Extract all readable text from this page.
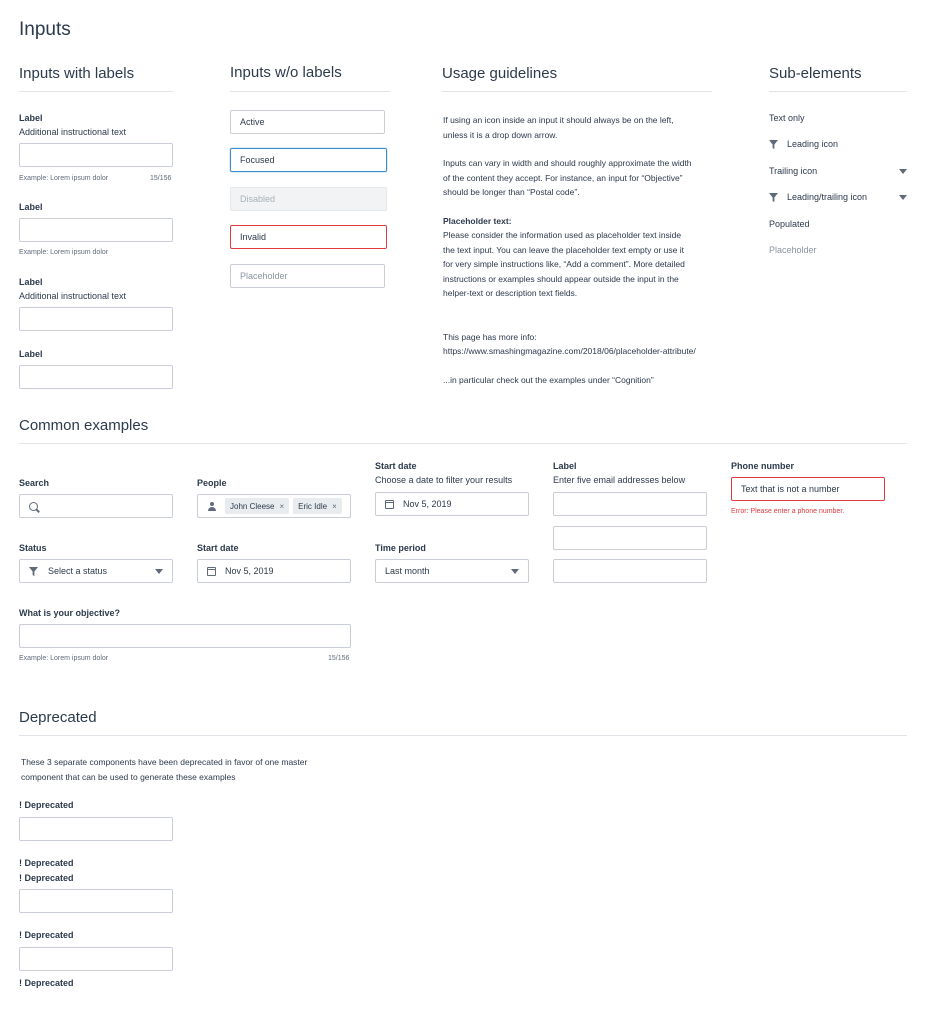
Inputs
Inputs with labels	Inputs w/o labels	Usage guidelines	Sub-elements
Label
Additional instructional text
Example: Lorem ipsum dolor	15/156
Label
Example: Lorem ipsum dolor
Label
Additional instructional text
Label
Active
Focused
Disabled
Invalid
Placeholder
If using an icon inside an input it should always be on the left, unless it is a drop down arrow.
Inputs can vary in width and should roughly approximate the width of the content they accept. For instance, an input for “Objective” should be longer than “Postal code”.
Placeholder text:
Please consider the information used as placeholder text inside the text input. You can leave the placeholder text empty or use it for very simple instructions like, “Add a comment”. More detailed instructions or examples should appear outside the input in the helper-text or description text fields.
This page has more info:
https://www.smashingmagazine.com/2018/06/placeholder-attribute/
...in particular check out the examples under “Cognition”
Text only
Leading icon
Trailing icon
Leading/trailing icon
Populated
Placeholder
Common examples
Search	People
John Cleese × Eric Idle ×
Start date
Choose a date to filter your results
Nov 5, 2019
Label
Enter five email addresses below
Phone number
Text that is not a number
Error: Please enter a phone number.
Status
Select a status
Start date
Nov 5, 2019
Time period
Last month
What is your objective?
Example: Lorem ipsum dolor	15/156
Deprecated
These 3 separate components have been deprecated in favor of one master component that can be used to generate these examples
! Deprecated
! Deprecated
! Deprecated
! Deprecated
! Deprecated
